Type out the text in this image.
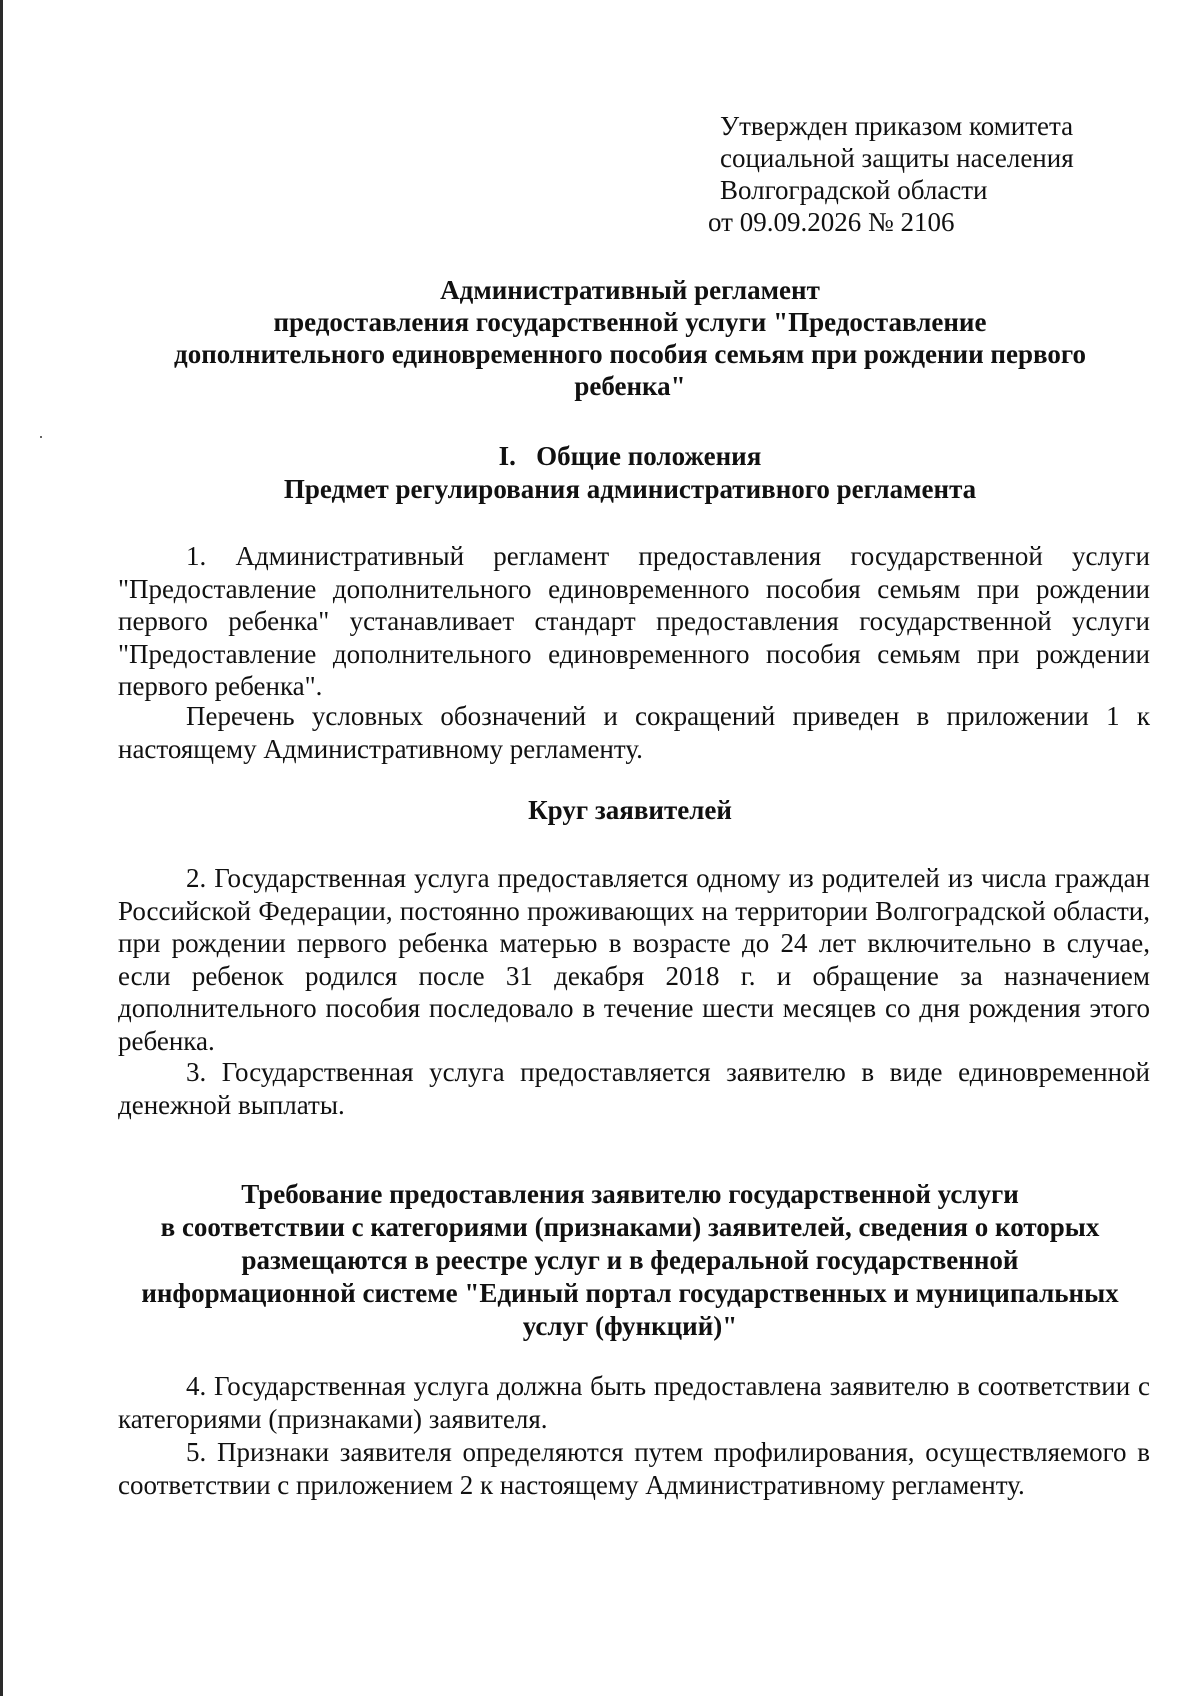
Утвержден приказом комитета
социальной защиты населения
Волгоградской области
от 09.09.2026 № 2106
Административный регламент
предоставления государственной услуги "Предоставление
дополнительного единовременного пособия семьям при рождении первого
ребенка"
I.   Общие положения
Предмет регулирования административного регламента
1. Административный регламент предоставления государственной услуги "Предоставление дополнительного единовременного пособия семьям при рождении первого ребенка" устанавливает стандарт предоставления государственной услуги "Предоставление дополнительного единовременного пособия семьям при рождении первого ребенка".
Перечень условных обозначений и сокращений приведен в приложении 1 к настоящему Административному регламенту.
Круг заявителей
2. Государственная услуга предоставляется одному из родителей из числа граждан Российской Федерации, постоянно проживающих на территории Волгоградской области, при рождении первого ребенка матерью в возрасте до 24 лет включительно в случае, если ребенок родился после 31 декабря 2018 г. и обращение за назначением дополнительного пособия последовало в течение шести месяцев со дня рождения этого ребенка.
3. Государственная услуга предоставляется заявителю в виде единовременной денежной выплаты.
Требование предоставления заявителю государственной услуги
в соответствии с категориями (признаками) заявителей, сведения о которых
размещаются в реестре услуг и в федеральной государственной
информационной системе "Единый портал государственных и муниципальных
услуг (функций)"
4. Государственная услуга должна быть предоставлена заявителю в соответствии с категориями (признаками) заявителя.
5. Признаки заявителя определяются путем профилирования, осуществляемого в соответствии с приложением 2 к настоящему Административному регламенту.
